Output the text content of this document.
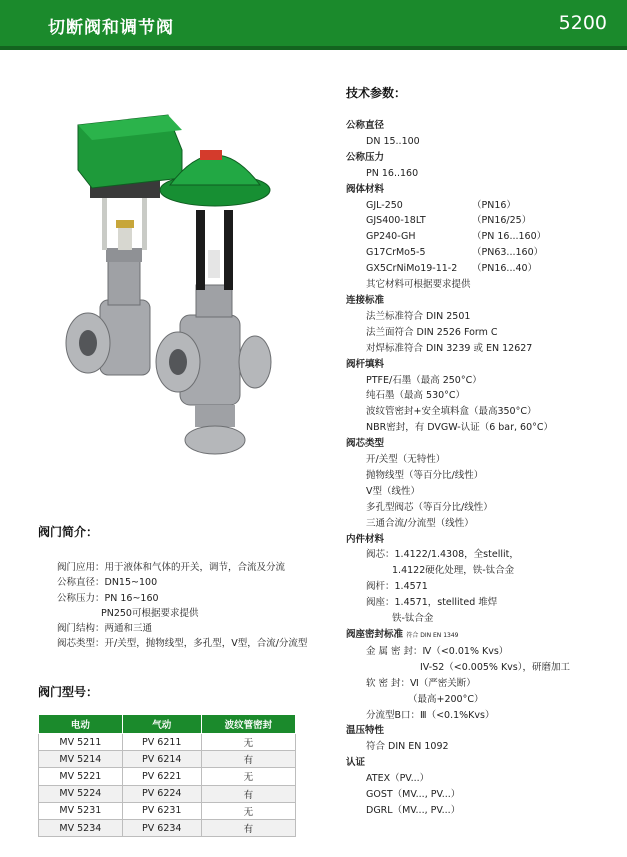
切断阀和调节阀	5200
阀门简介：
阀门应用： 用于液体和气体的开关，调节，合流及分流
公称直径： DN15~100
公称压力： PN 16~160
PN250可根据要求提供
阀门结构： 两通和三通
阀芯类型： 开/关型，抛物线型，多孔型，V型，合流/分流型
阀门型号：
电动	气动	波纹管密封
MV 5211	PV 6211	无
MV 5214	PV 6214	有
MV 5221	PV 6221	无
MV 5224	PV 6224	有
MV 5231	PV 6231	无
MV 5234	PV 6234	有
技术参数：
公称直径
DN 15..100
公称压力
PN 16..160
阀体材料
GJL-250	（PN16）
GJS400-18LT	（PN16/25）
GP240-GH	（PN 16...160）
G17CrMo5-5	（PN63...160）
GX5CrNiMo19-11-2	（PN16...40）
其它材料可根据要求提供
连接标准
法兰标准符合 DIN 2501
法兰面符合 DIN 2526 Form C
对焊标准符合 DIN 3239 或 EN 12627
阀杆填料
PTFE/石墨（最高 250°C）
纯石墨（最高 530°C）
波纹管密封+安全填料盒（最高350°C）
NBR密封，有 DVGW-认证（6 bar, 60°C）
阀芯类型
开/关型（无特性）
抛物线型（等百分比/线性）
V型（线性）
多孔型阀芯（等百分比/线性）
三通合流/分流型（线性）
内件材料
阀芯：1.4122/1.4308，全stellit，
1.4122硬化处理，铁-钛合金
阀杆：1.4571
阀座：1.4571，stellited 堆焊
铁-钛合金
阀座密封标准 符合 DIN EN 1349
金 属 密 封：Ⅳ（<0.01% Kvs）
IV-S2（<0.005% Kvs），研磨加工
软 密 封：Ⅵ（严密关断）
（最高+200°C）
分流型B口：Ⅲ（<0.1%Kvs）
温压特性
符合 DIN EN 1092
认证
ATEX（PV...）
GOST（MV..., PV...）
DGRL（MV..., PV...）
